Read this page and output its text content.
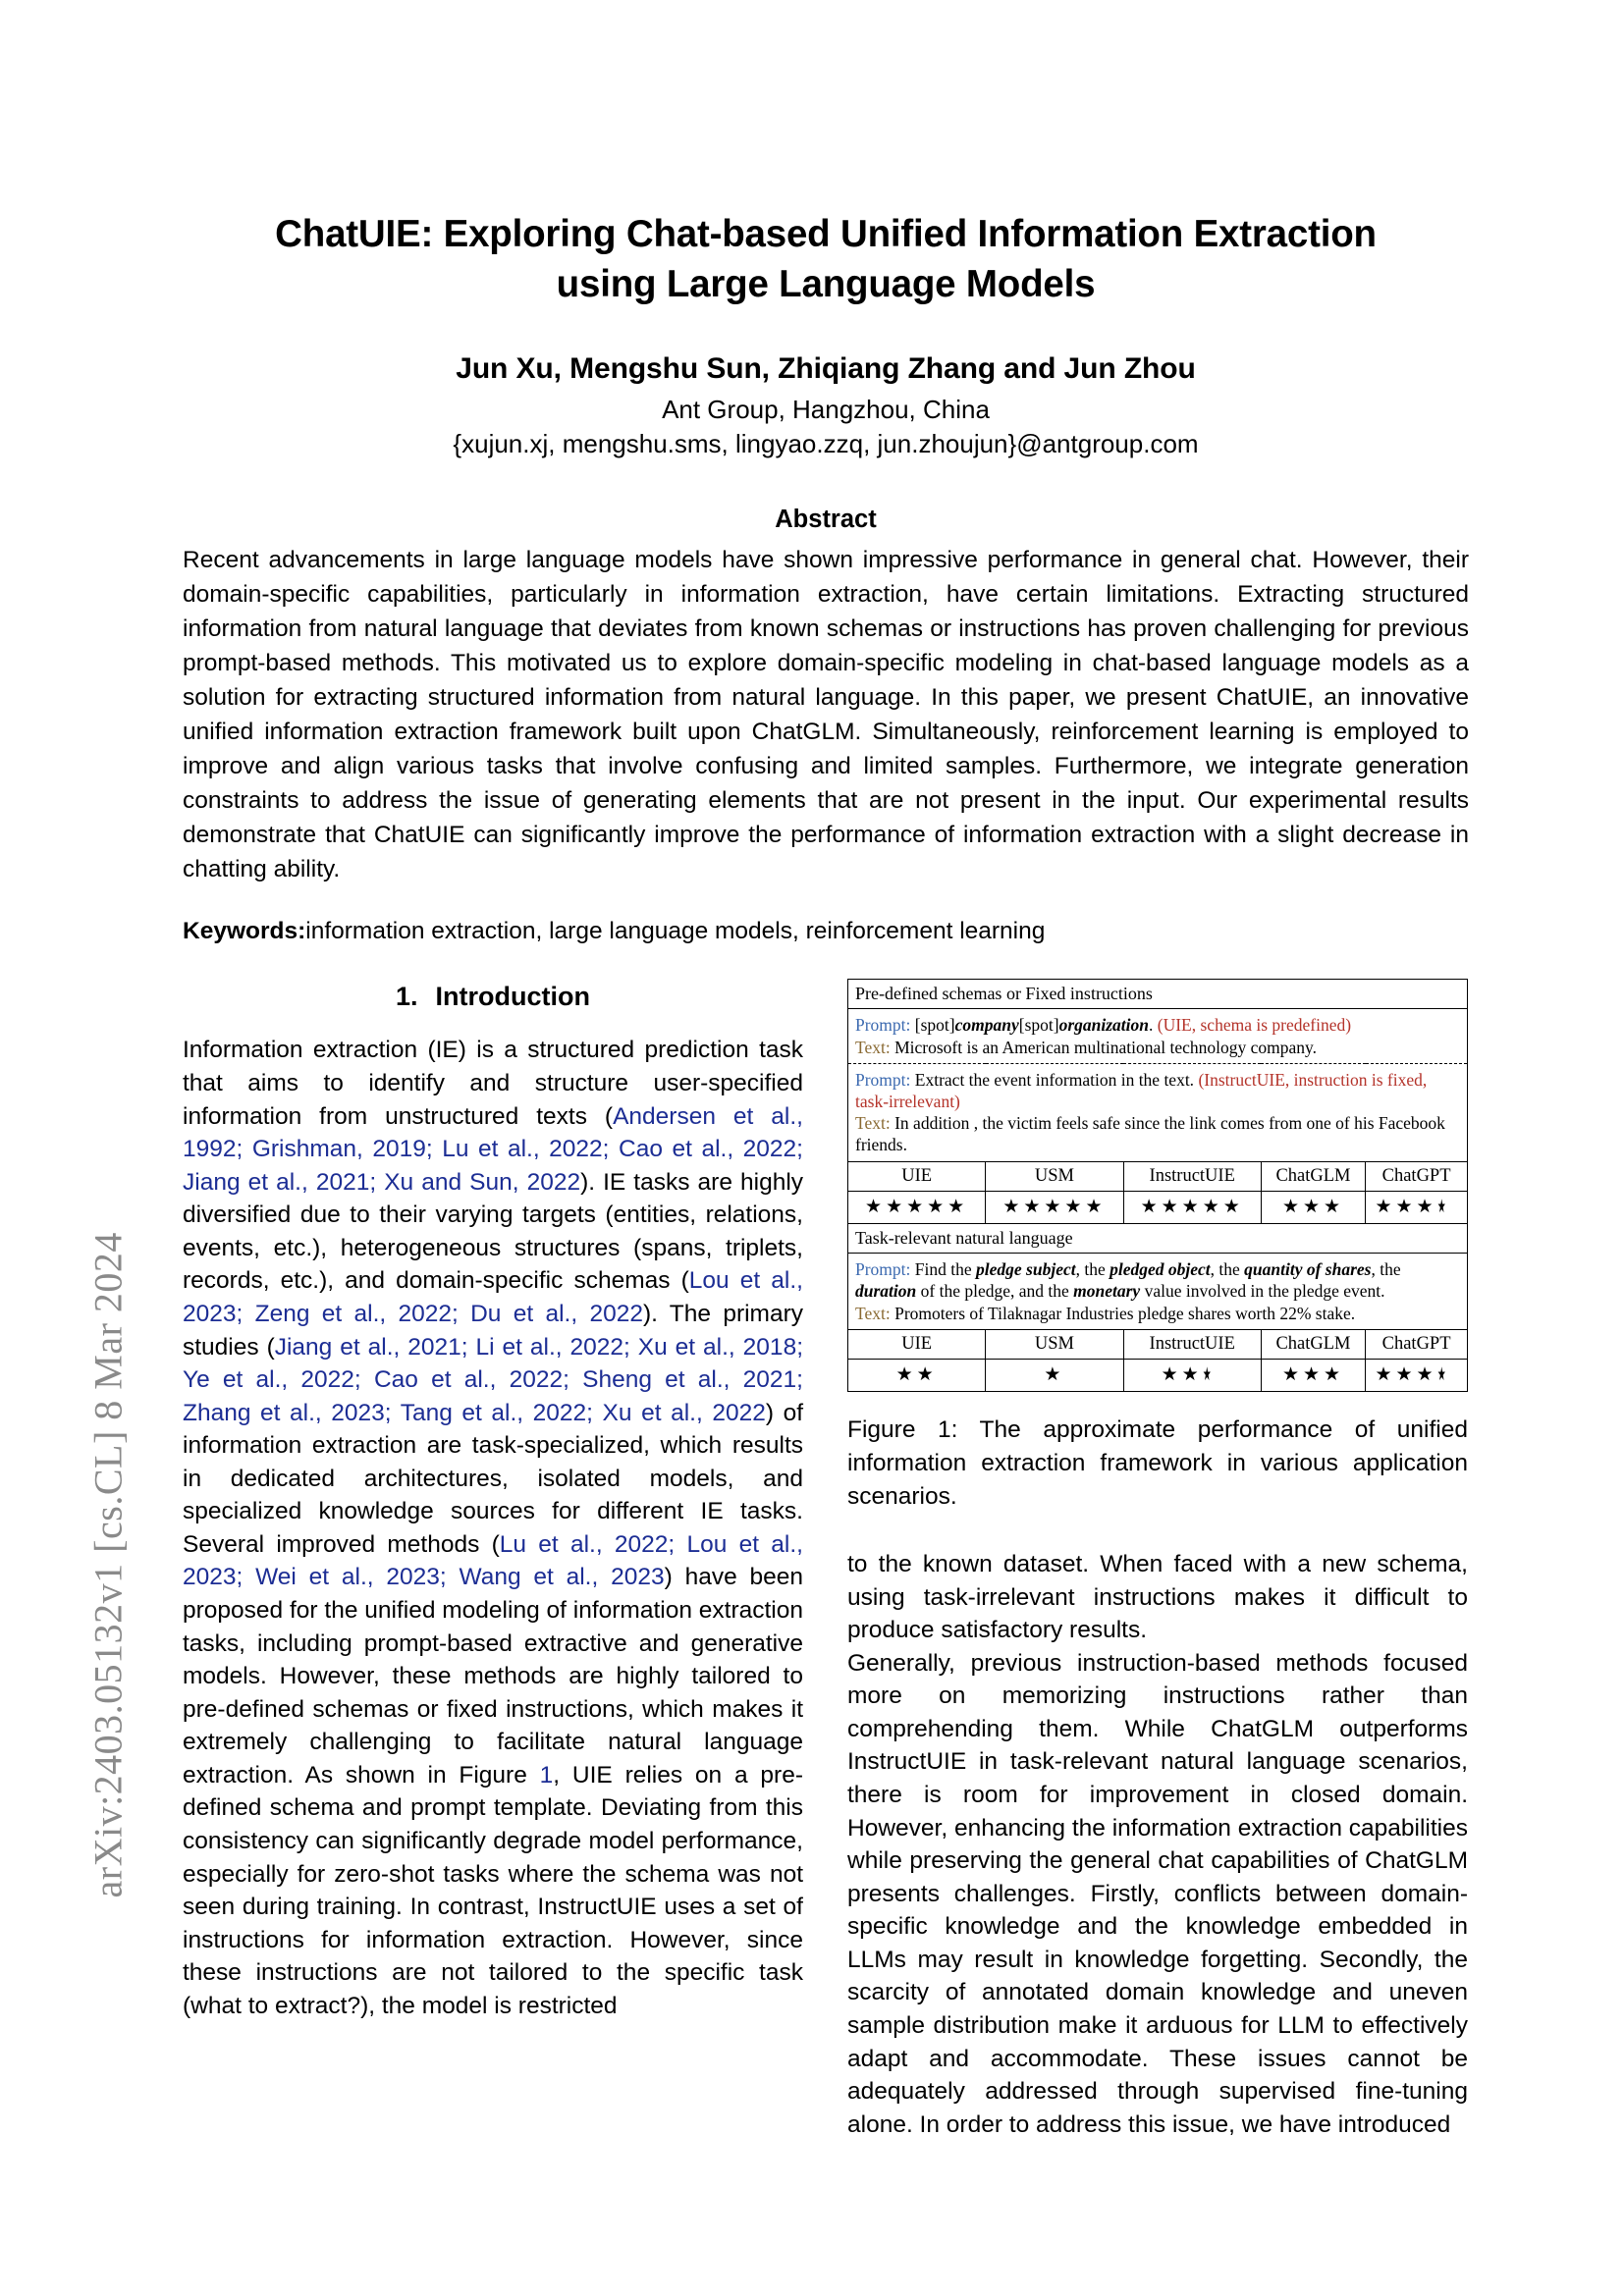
arXiv:2403.05132v1 [cs.CL] 8 Mar 2024
ChatUIE: Exploring Chat-based Unified Information Extraction using Large Language Models
Jun Xu, Mengshu Sun, Zhiqiang Zhang and Jun Zhou
Ant Group, Hangzhou, China
{xujun.xj, mengshu.sms, lingyao.zzq, jun.zhoujun}@antgroup.com
Abstract

Recent advancements in large language models have shown impressive performance in general chat. However, their domain-specific capabilities, particularly in information extraction, have certain limitations. Extracting structured information from natural language that deviates from known schemas or instructions has proven challenging for previous prompt-based methods. This motivated us to explore domain-specific modeling in chat-based language models as a solution for extracting structured information from natural language. In this paper, we present ChatUIE, an innovative unified information extraction framework built upon ChatGLM. Simultaneously, reinforcement learning is employed to improve and align various tasks that involve confusing and limited samples. Furthermore, we integrate generation constraints to address the issue of generating elements that are not present in the input. Our experimental results demonstrate that ChatUIE can significantly improve the performance of information extraction with a slight decrease in chatting ability.

Keywords:information extraction, large language models, reinforcement learning
1. Introduction

Information extraction (IE) is a structured prediction task that aims to identify and structure user-specified information from unstructured texts (Andersen et al., 1992; Grishman, 2019; Lu et al., 2022; Cao et al., 2022; Jiang et al., 2021; Xu and Sun, 2022). IE tasks are highly diversified due to their varying targets (entities, relations, events, etc.), heterogeneous structures (spans, triplets, records, etc.), and domain-specific schemas (Lou et al., 2023; Zeng et al., 2022; Du et al., 2022). The primary studies (Jiang et al., 2021; Li et al., 2022; Xu et al., 2018; Ye et al., 2022; Cao et al., 2022; Sheng et al., 2021; Zhang et al., 2023; Tang et al., 2022; Xu et al., 2022) of information extraction are task-specialized, which results in dedicated architectures, isolated models, and specialized knowledge sources for different IE tasks. Several improved methods (Lu et al., 2022; Lou et al., 2023; Wei et al., 2023; Wang et al., 2023) have been proposed for the unified modeling of information extraction tasks, including prompt-based extractive and generative models. However, these methods are highly tailored to pre-defined schemas or fixed instructions, which makes it extremely challenging to facilitate natural language extraction. As shown in Figure 1, UIE relies on a pre-defined schema and prompt template. Deviating from this consistency can significantly degrade model performance, especially for zero-shot tasks where the schema was not seen during training. In contrast, InstructUIE uses a set of instructions for information extraction. However, since these instructions are not tailored to the specific task (what to extract?), the model is restricted

Pre-defined schemas or Fixed instructions				

Prompt: [spot]company[spot]organization. (UIE, schema is predefined)
Text: Microsoft is an American multinational technology company.				

Prompt: Extract the event information in the text. (InstructUIE, instruction is fixed, task-irrelevant)
Text: In addition , the victim feels safe since the link comes from one of his Facebook friends.				

UIE	USM	InstructUIE	ChatGLM	ChatGPT
★★★★★	★★★★★	★★★★★	★★★	★★★★
Task-relevant natural language				

Prompt: Find the pledge subject, the pledged object, the quantity of shares, the duration of the pledge, and the monetary value involved in the pledge event.
Text: Promoters of Tilaknagar Industries pledge shares worth 22% stake.				

UIE	USM	InstructUIE	ChatGLM	ChatGPT
★★	★	★★★	★★★	★★★★
Figure 1: The approximate performance of unified information extraction framework in various application scenarios.

to the known dataset. When faced with a new schema, using task-irrelevant instructions makes it difficult to produce satisfactory results.

Generally, previous instruction-based methods focused more on memorizing instructions rather than comprehending them. While ChatGLM outperforms InstructUIE in task-relevant natural language scenarios, there is room for improvement in closed domain. However, enhancing the information extraction capabilities while preserving the general chat capabilities of ChatGLM presents challenges. Firstly, conflicts between domain-specific knowledge and the knowledge embedded in LLMs may result in knowledge forgetting. Secondly, the scarcity of annotated domain knowledge and uneven sample distribution make it arduous for LLM to effectively adapt and accommodate. These issues cannot be adequately addressed through supervised fine-tuning alone. In order to address this issue, we have introduced
